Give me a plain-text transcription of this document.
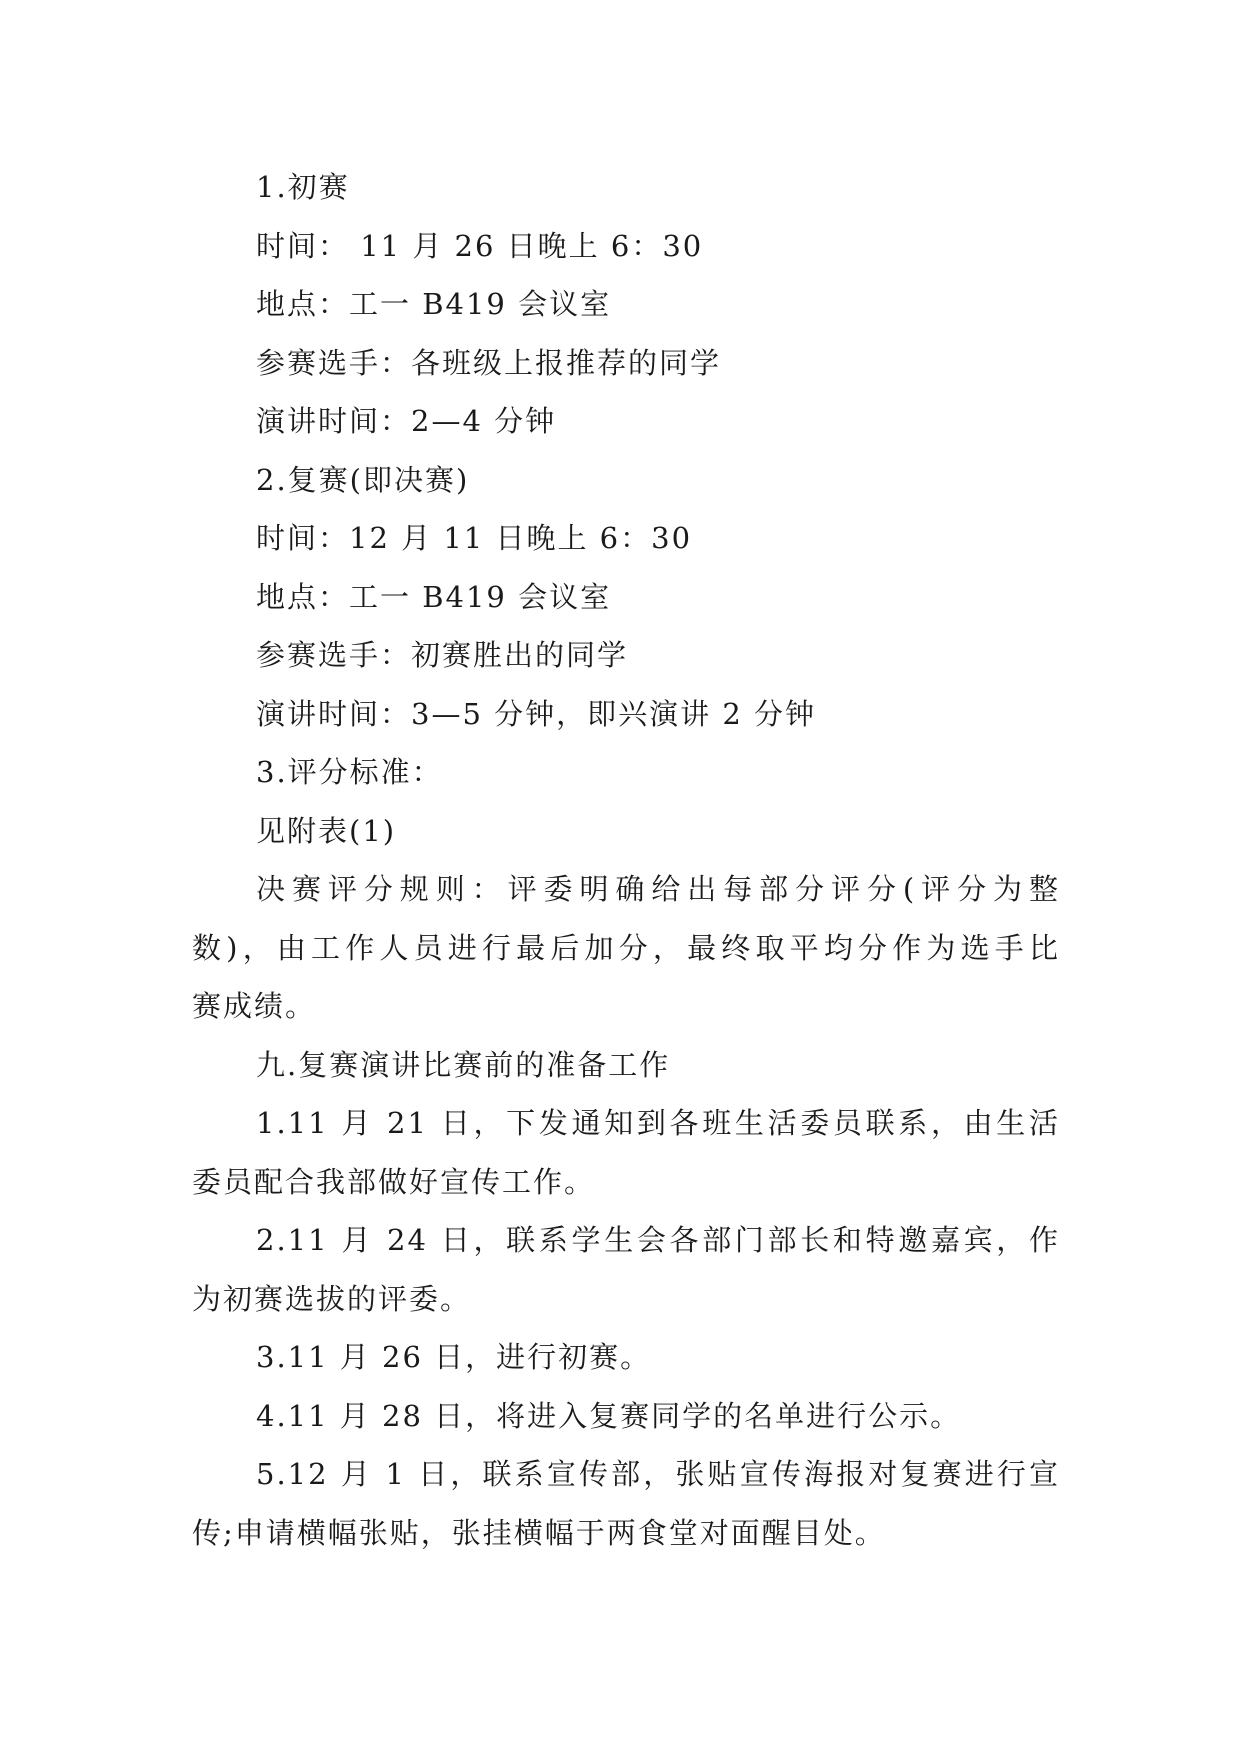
1.初赛
时间： 11 月 26 日晚上 6：30
地点：工一 B419 会议室
参赛选手：各班级上报推荐的同学
演讲时间：2—4 分钟
2.复赛(即决赛)
时间：12 月 11 日晚上 6：30
地点：工一 B419 会议室
参赛选手：初赛胜出的同学
演讲时间：3—5 分钟，即兴演讲 2 分钟
3.评分标准：
见附表(1)
决赛评分规则：评委明确给出每部分评分(评分为整
数)，由工作人员进行最后加分，最终取平均分作为选手比
赛成绩。
九.复赛演讲比赛前的准备工作
1.11 月 21 日，下发通知到各班生活委员联系，由生活
委员配合我部做好宣传工作。
2.11 月 24 日，联系学生会各部门部长和特邀嘉宾，作
为初赛选拔的评委。
3.11 月 26 日，进行初赛。
4.11 月 28 日，将进入复赛同学的名单进行公示。
5.12 月 1 日，联系宣传部，张贴宣传海报对复赛进行宣
传;申请横幅张贴，张挂横幅于两食堂对面醒目处。
